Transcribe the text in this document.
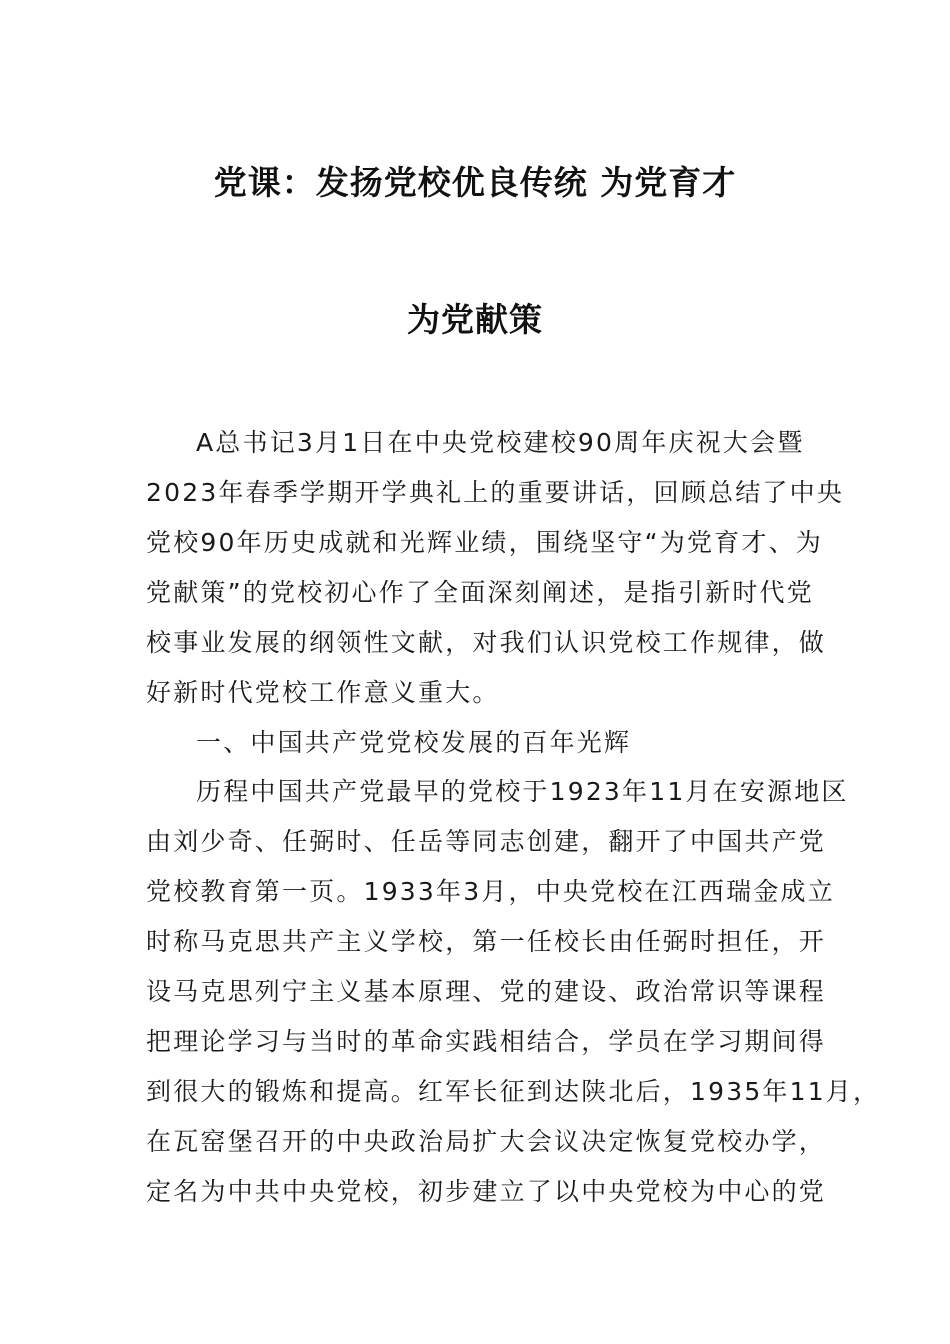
党课：发扬党校优良传统 为党育才
为党献策
A总书记3月1日在中央党校建校90周年庆祝大会暨
2023年春季学期开学典礼上的重要讲话，回顾总结了中央
党校90年历史成就和光辉业绩，围绕坚守“为党育才、为
党献策”的党校初心作了全面深刻阐述，是指引新时代党
校事业发展的纲领性文献，对我们认识党校工作规律，做
好新时代党校工作意义重大。
一、中国共产党党校发展的百年光辉
历程中国共产党最早的党校于1923年11月在安源地区
由刘少奇、任弼时、任岳等同志创建，翻开了中国共产党
党校教育第一页。1933年3月，中央党校在江西瑞金成立
时称马克思共产主义学校，第一任校长由任弼时担任，开
设马克思列宁主义基本原理、党的建设、政治常识等课程
把理论学习与当时的革命实践相结合，学员在学习期间得
到很大的锻炼和提高。红军长征到达陕北后，1935年11月，
在瓦窑堡召开的中央政治局扩大会议决定恢复党校办学，
定名为中共中央党校，初步建立了以中央党校为中心的党
